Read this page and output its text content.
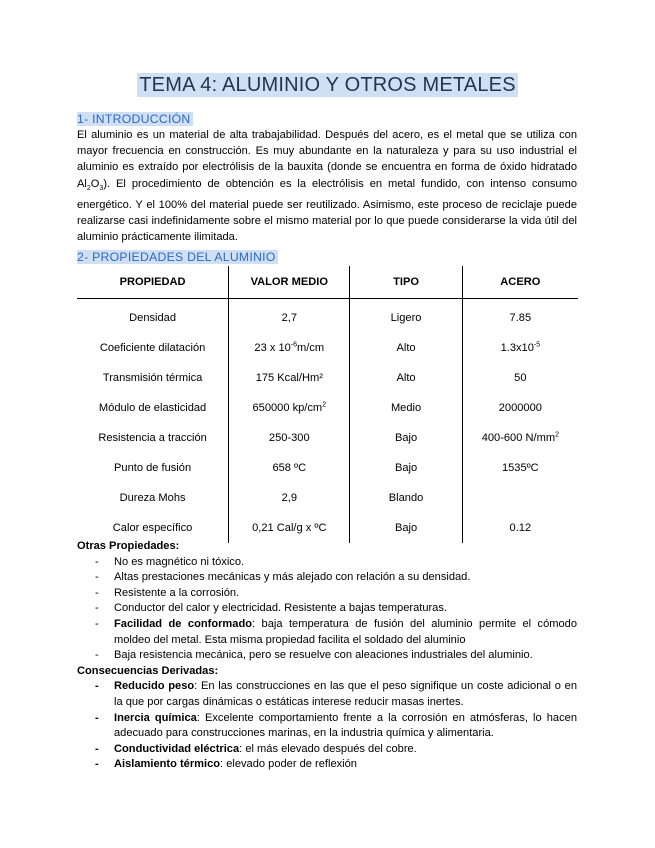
TEMA 4: ALUMINIO Y OTROS METALES
1- INTRODUCCIÓN

El aluminio es un material de alta trabajabilidad. Después del acero, es el metal que se utiliza con mayor frecuencia en construcción. Es muy abundante en la naturaleza y para su uso industrial el aluminio es extraído por electrólisis de la bauxita (donde se encuentra en forma de óxido hidratado $Al_2O_3$). El procedimiento de obtención es la electrólisis en metal fundido, con intenso consumo energético. Y el 100% del material puede ser reutilizado. Asimismo, este proceso de reciclaje puede realizarse casi indefinidamente sobre el mismo material por lo que puede considerarse la vida útil del aluminio prácticamente ilimitada.

2- PROPIEDADES DEL ALUMINIO
PROPIEDAD	VALOR MEDIO	TIPO	ACERO
Densidad	2,7	Ligero	7.85
Coeficiente dilatación	23 x $10^{-6}m/cm$	Alto	$1.3x10^{-5}$
Transmisión térmica	175 Kcal/Hm²	Alto	50
Módulo de elasticidad	650000 $kp/cm^2$	Medio	2000000
Resistencia a tracción	250-300	Bajo	400-600 $N/mm^2$
Punto de fusión	658 ºC	Bajo	1535ºC
Dureza Mohs	2,9	Blando	
Calor específico	0,21 Cal/g x ºC	Bajo	0.12
Otras Propiedades:
- No es magnético ni tóxico.
- Altas prestaciones mecánicas y más alejado con relación a su densidad.
- Resistente a la corrosión.
- Conductor del calor y electricidad. Resistente a bajas temperaturas.
- Facilidad de conformado: baja temperatura de fusión del aluminio permite el cómodo moldeo del metal. Esta misma propiedad facilita el soldado del aluminio
- Baja resistencia mecánica, pero se resuelve con aleaciones industriales del aluminio.
Consecuencias Derivadas:
- Reducido peso: En las construcciones en las que el peso signifique un coste adicional o en la que por cargas dinámicas o estáticas interese reducir masas inertes.
- Inercia química: Excelente comportamiento frente a la corrosión en atmósferas, lo hacen adecuado para construcciones marinas, en la industria química y alimentaria.
- Conductividad eléctrica: el más elevado después del cobre.
- Aislamiento térmico: elevado poder de reflexión
